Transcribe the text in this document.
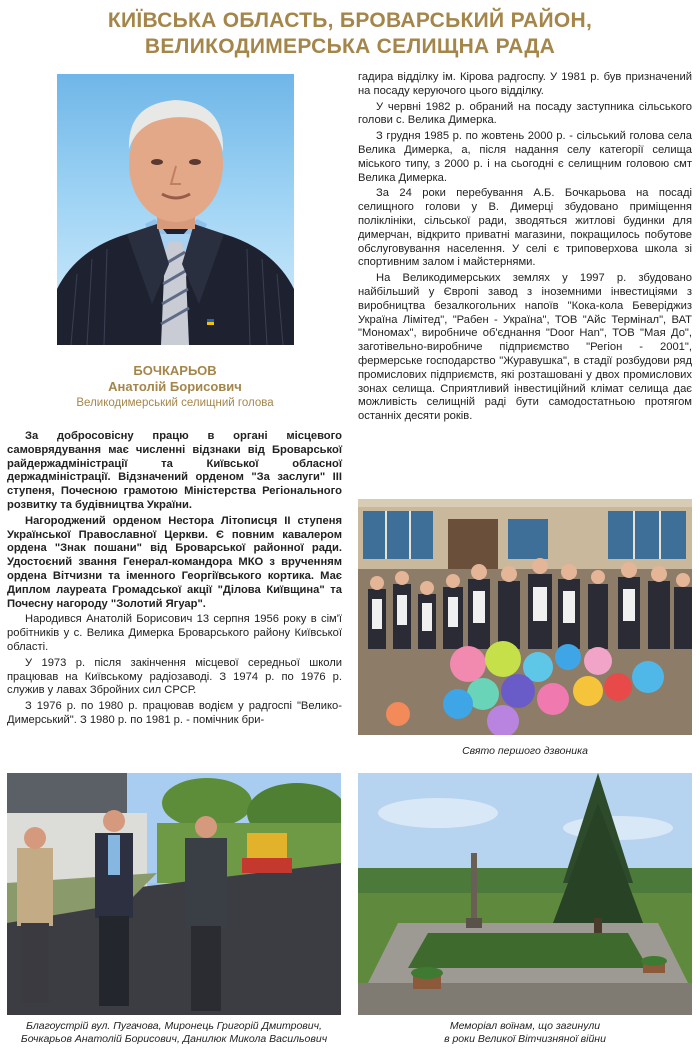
КИЇВСЬКА ОБЛАСТЬ, БРОВАРСЬКИЙ РАЙОН,
ВЕЛИКОДИМЕРСЬКА СЕЛИЩНА РАДА
БОЧКАРЬОВ
Анатолій Борисович
Великодимерський селищний голова

За добросовісну працю в органі місцевого самоврядування має численні відзнаки від Броварської райдержадміністрації та Київської обласної держадміністрації. Відзначений орденом "За заслуги" III ступеня, Почесною грамотою Міністерства Регіонального розвитку та будівництва України.

Нагороджений орденом Нестора Літописця II ступеня Української Православної Церкви. Є повним кавалером ордена "Знак пошани" від Броварської районної ради. Удостоєний звання Генерал-командора МКО з врученням ордена Вітчизни та іменного Георгіївського кортика. Має Диплом лауреата Громадської акції "Ділова Київщина" та Почесну нагороду "Золотий Ягуар".

Народився Анатолій Борисович 13 серпня 1956 року в сім'ї робітників у с. Велика Димерка Броварського району Київської області.

У 1973 р. після закінчення місцевої середньої школи працював на Київському радіозаводі. З 1974 р. по 1976 р. служив у лавах Збройних сил СРСР.

З 1976 р. по 1980 р. працював водієм у радгоспі "Велико-Димерський". З 1980 р. по 1981 р. - помічник бри-

гадира відділку ім. Кірова радгоспу. У 1981 р. був призначений на посаду керуючого цього відділку.

У червні 1982 р. обраний на посаду заступника сільського голови с. Велика Димерка.

З грудня 1985 р. по жовтень 2000 р. - сільський голова села Велика Димерка, а, після надання селу категорії селища міського типу, з 2000 р. і на сьогодні є селищним головою смт Велика Димерка.

За 24 роки перебування А.Б. Бочкарьова на посаді селищного голови у В. Димерці збудовано приміщення поліклініки, сільської ради, зводяться житлові будинки для димерчан, відкрито приватні магазини, покращилось побутове обслуговування населення. У селі є триповерхова школа зі спортивним залом і майстернями.

На Великодимерських землях у 1997 р. збудовано найбільший у Європі завод з іноземними інвестиціями з виробництва безалкогольних напоїв "Кока-кола Беверіджиз Україна Лімітед", "Рабен - Україна", ТОВ "Айс Термінал", ВАТ "Мономах", виробниче об'єднання "Door Han", ТОВ "Мая До", заготівельно-виробниче підприємство "Регіон - 2001", фермерське господарство "Журавушка", в стадії розбудови ряд промислових підприємств, які розташовані у двох промислових зонах селища. Сприятливий інвестиційний клімат селища дає можливість селищній раді бути самодостатньою протягом останніх десяти років.

Свято першого дзвоника
Благоустрій вул. Пугачова, Миронець Григорій Дмитрович,
Бочкарьов Анатолій Борисович, Данилюк Микола Васильович
Меморіал воїнам, що загинули
в роки Великої Вітчизняної війни
